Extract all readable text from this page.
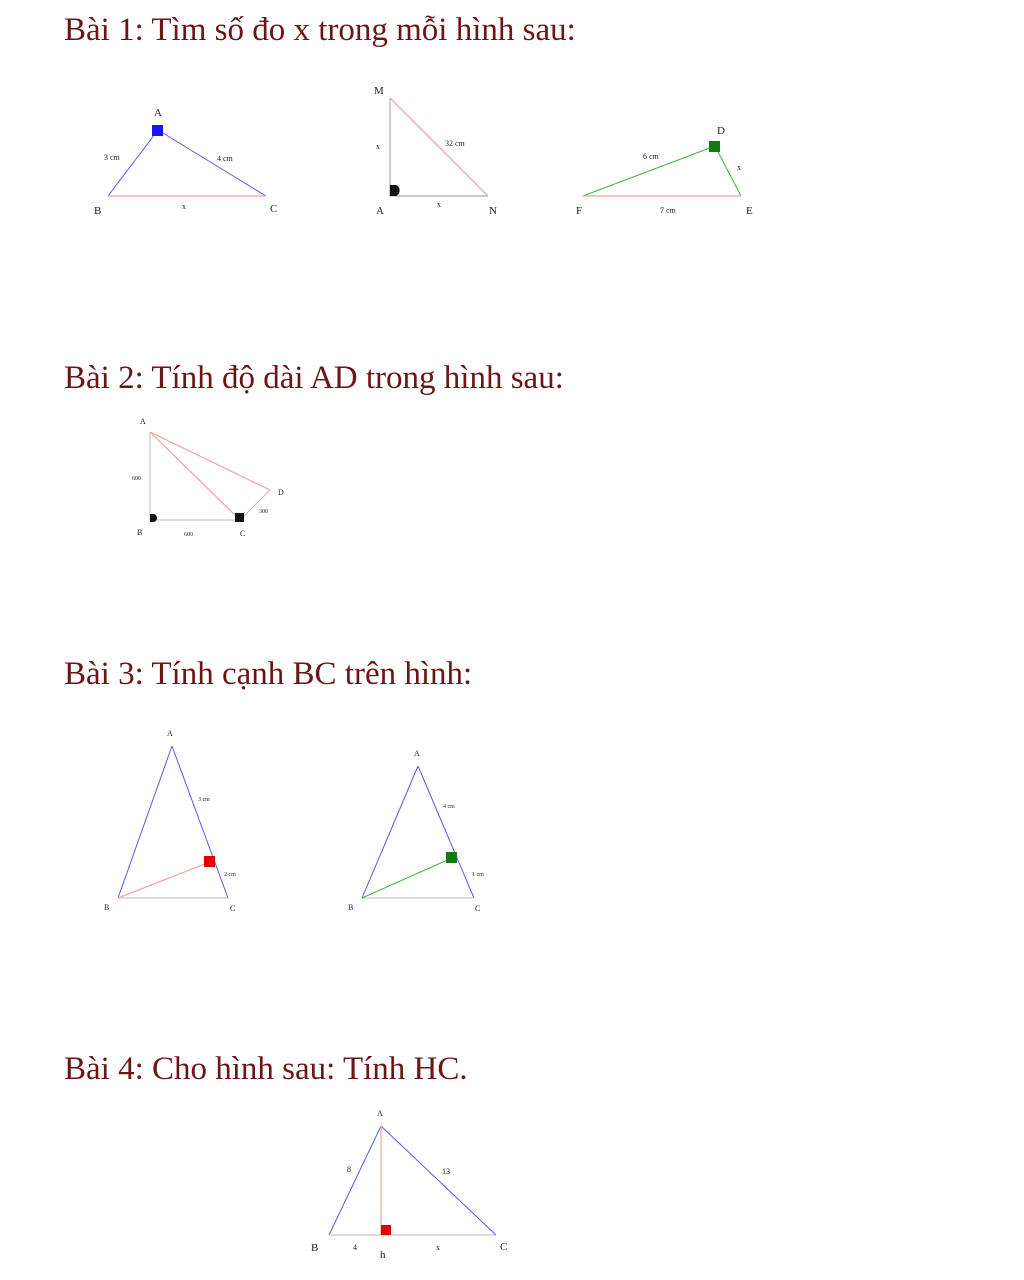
Bài 1: Tìm số đo x trong mỗi hình sau:
A
B	C
3 cm	4 cm
x
M
A	N
32 cm
x
x
D
E
F
6 cm
x
7 cm
Bài 2: Tính độ dài AD trong hình sau:
A
B	C
D
600
600
300
Bài 3: Tính cạnh BC trên hình:
A
B	C
3 cm
2 cm
A
B	C
4 cm
1 cm
Bài 4: Cho hình sau: Tính HC.
A
B	C
h
8	13
4	x
